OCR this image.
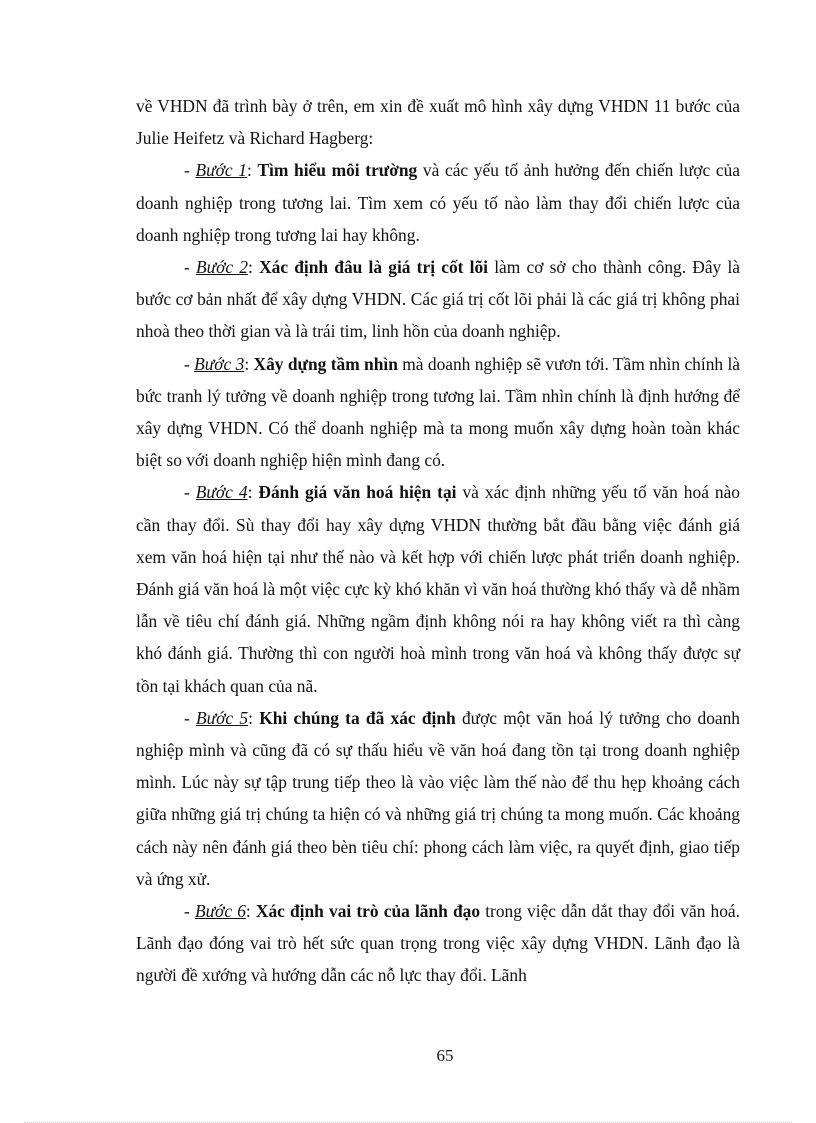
về VHDN đã trình bày ở trên, em xin đề xuất mô hình xây dựng VHDN 11 bước của Julie Heifetz và Richard Hagberg:

- Bước 1: Tìm hiểu môi trường và các yếu tố ảnh hưởng đến chiến lược của doanh nghiệp trong tương lai. Tìm xem có yếu tố nào làm thay đổi chiến lược của doanh nghiệp trong tương lai hay không.

- Bước 2: Xác định đâu là giá trị cốt lõi làm cơ sở cho thành công. Đây là bước cơ bản nhất để xây dựng VHDN. Các giá trị cốt lõi phải là các giá trị không phai nhoà theo thời gian và là trái tim, linh hồn của doanh nghiệp.

- Bước 3: Xây dựng tầm nhìn mà doanh nghiệp sẽ vươn tới. Tầm nhìn chính là bức tranh lý tưởng về doanh nghiệp trong tương lai. Tầm nhìn chính là định hướng để xây dựng VHDN. Có thể doanh nghiệp mà ta mong muốn xây dựng hoàn toàn khác biệt so với doanh nghiệp hiện mình đang có.

- Bước 4: Đánh giá văn hoá hiện tại và xác định những yếu tố văn hoá nào cần thay đổi. Sù thay đổi hay xây dựng VHDN thường bắt đầu bằng việc đánh giá xem văn hoá hiện tại như thế nào và kết hợp với chiến lược phát triển doanh nghiệp. Đánh giá văn hoá là một việc cực kỳ khó khăn vì văn hoá thường khó thấy và dễ nhầm lẫn về tiêu chí đánh giá. Những ngầm định không nói ra hay không viết ra thì càng khó đánh giá. Thường thì con người hoà mình trong văn hoá và không thấy được sự tồn tại khách quan của nã.

- Bước 5: Khi chúng ta đã xác định được một văn hoá lý tưởng cho doanh nghiệp mình và cũng đã có sự thấu hiểu về văn hoá đang tồn tại trong doanh nghiệp mình. Lúc này sự tập trung tiếp theo là vào việc làm thế nào để thu hẹp khoảng cách giữa những giá trị chúng ta hiện có và những giá trị chúng ta mong muốn. Các khoảng cách này nên đánh giá theo bèn tiêu chí: phong cách làm việc, ra quyết định, giao tiếp và ứng xử.

- Bước 6: Xác định vai trò của lãnh đạo trong việc dẫn dắt thay đổi văn hoá. Lãnh đạo đóng vai trò hết sức quan trọng trong việc xây dựng VHDN. Lãnh đạo là người đề xướng và hướng dẫn các nỗ lực thay đổi. Lãnh

65
